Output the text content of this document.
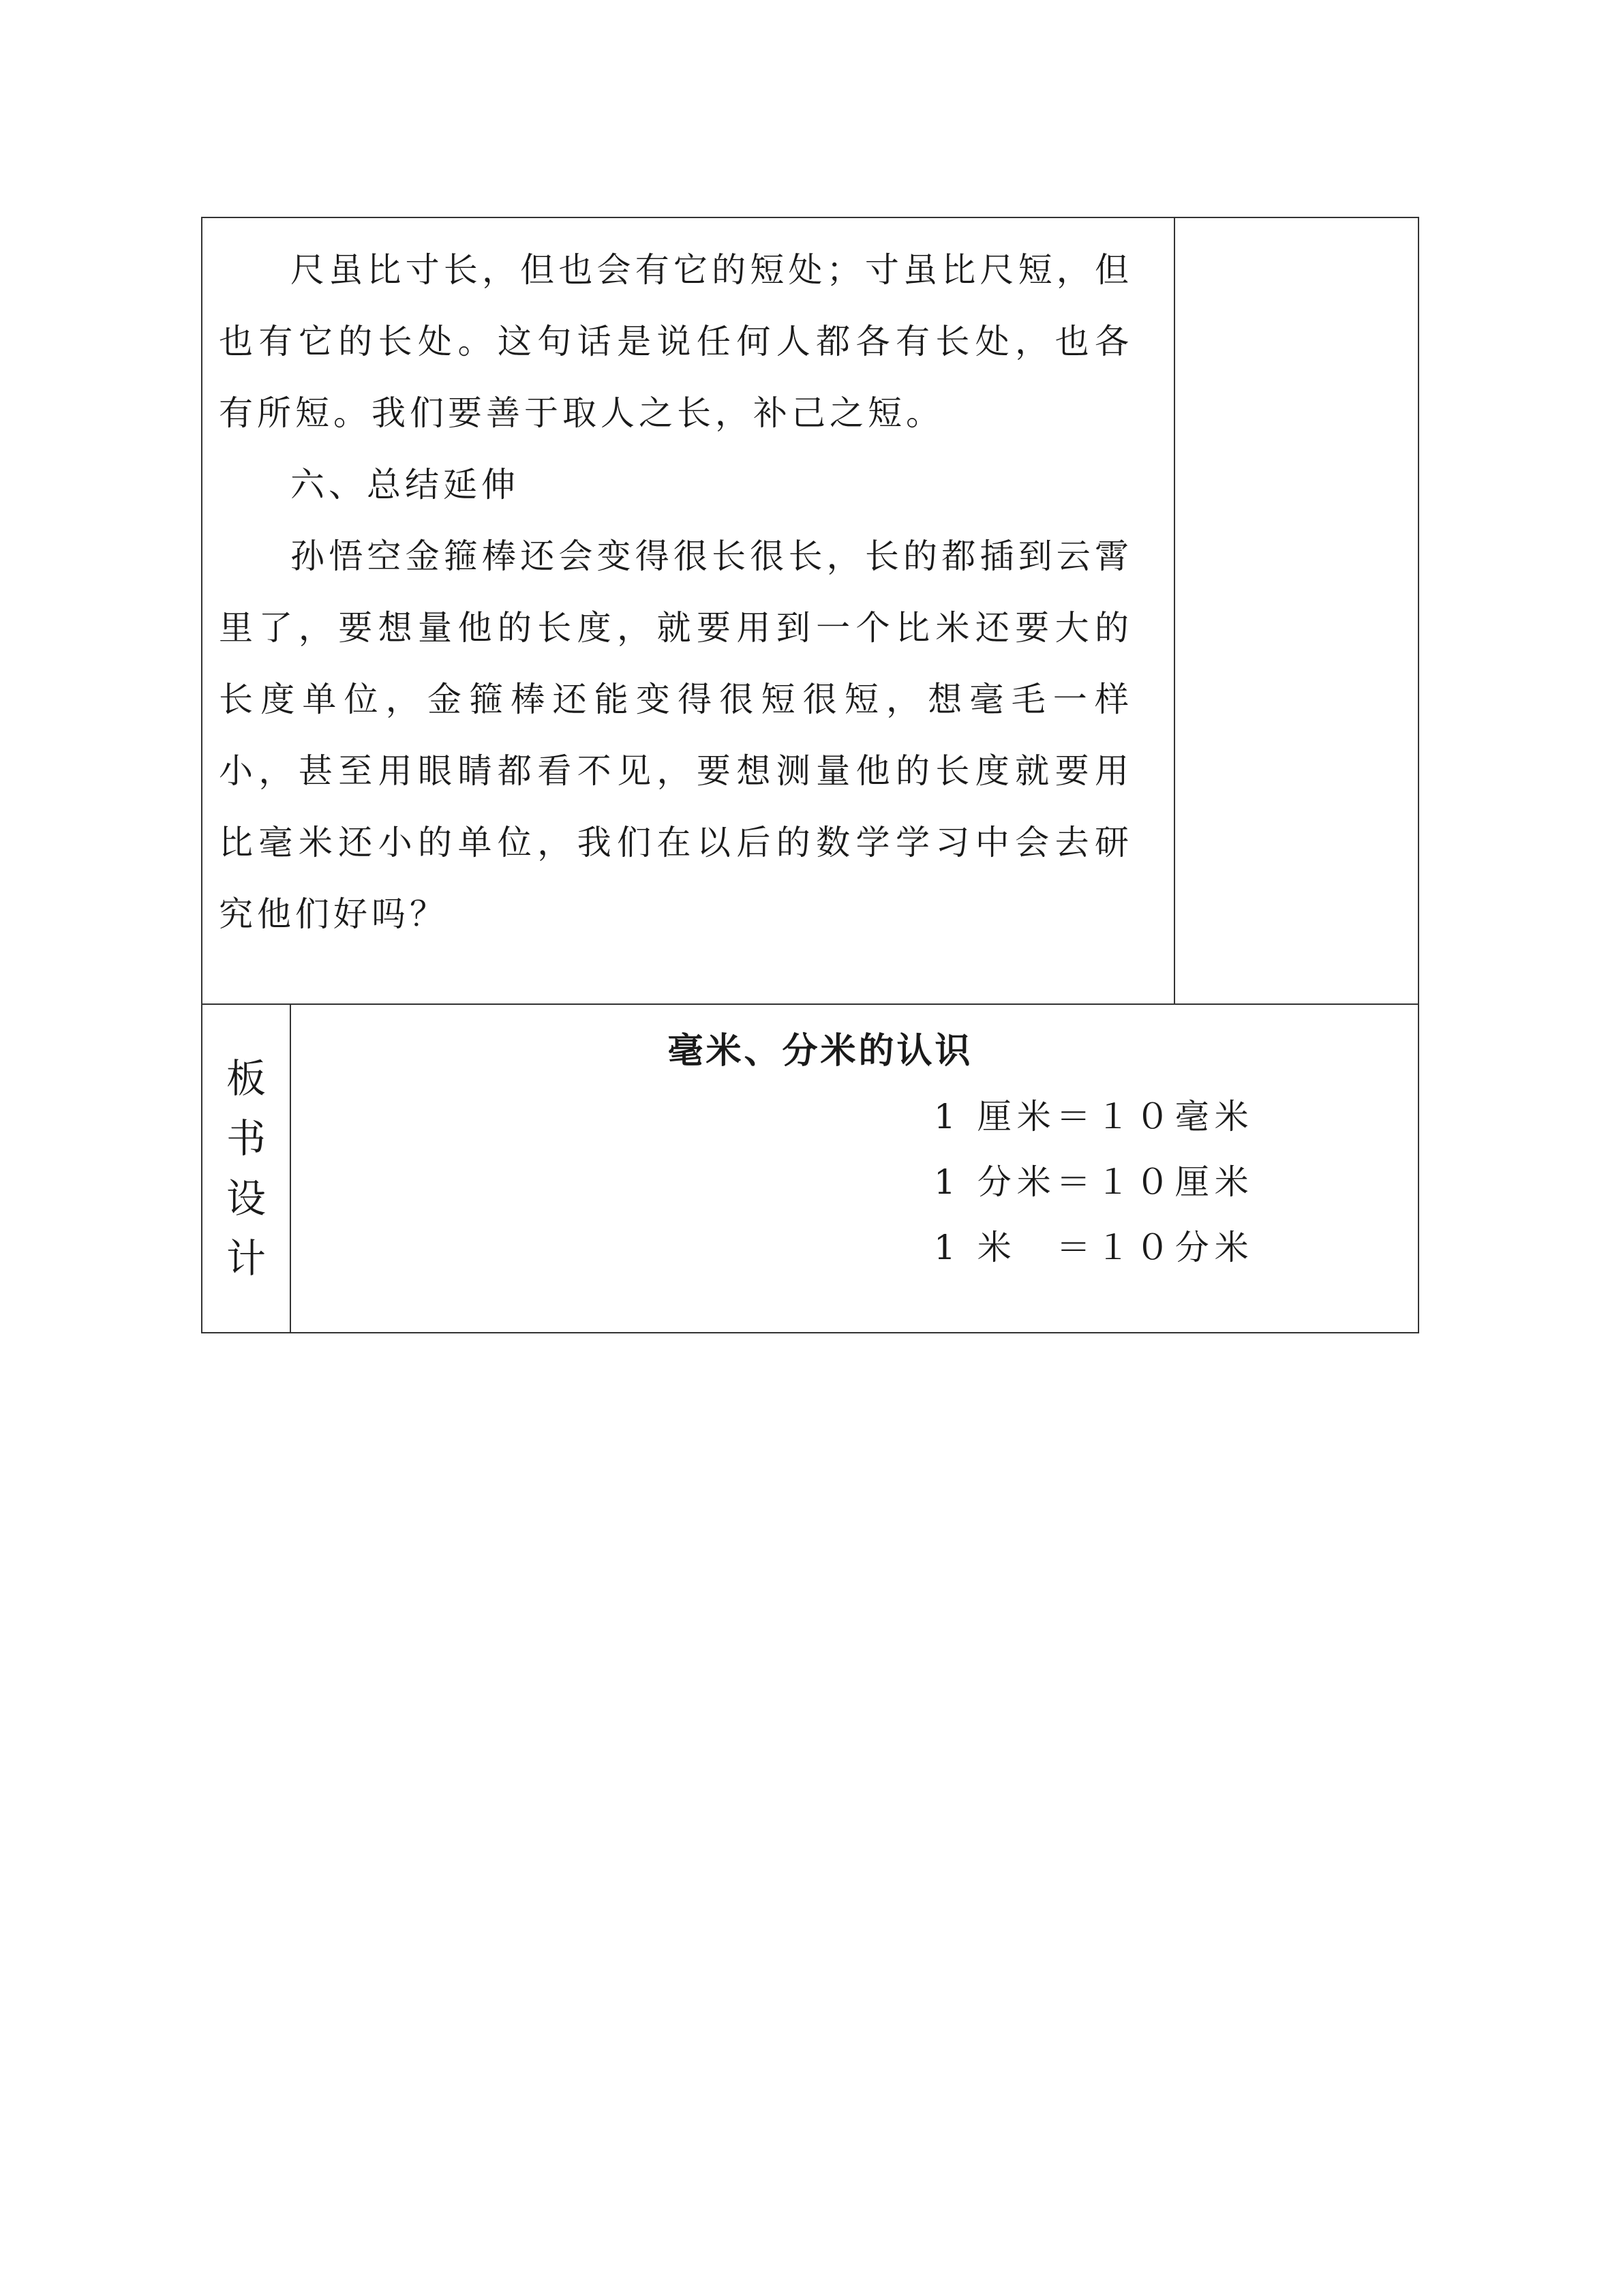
尺虽比寸长，但也会有它的短处；寸虽比尺短，但也有它的长处。这句话是说任何人都各有长处，也各有所短。我们要善于取人之长，补己之短。

六、总结延伸

孙悟空金箍棒还会变得很长很长，长的都插到云霄里了，要想量他的长度，就要用到一个比米还要大的长度单位，金箍棒还能变得很短很短，想毫毛一样小，甚至用眼睛都看不见，要想测量他的长度就要用比毫米还小的单位，我们在以后的数学学习中会去研究他们好吗？

板
书
设
计
毫米、分米的认识
1 厘米＝１０毫米
1 分米＝１０厘米
1 米　＝１０分米
